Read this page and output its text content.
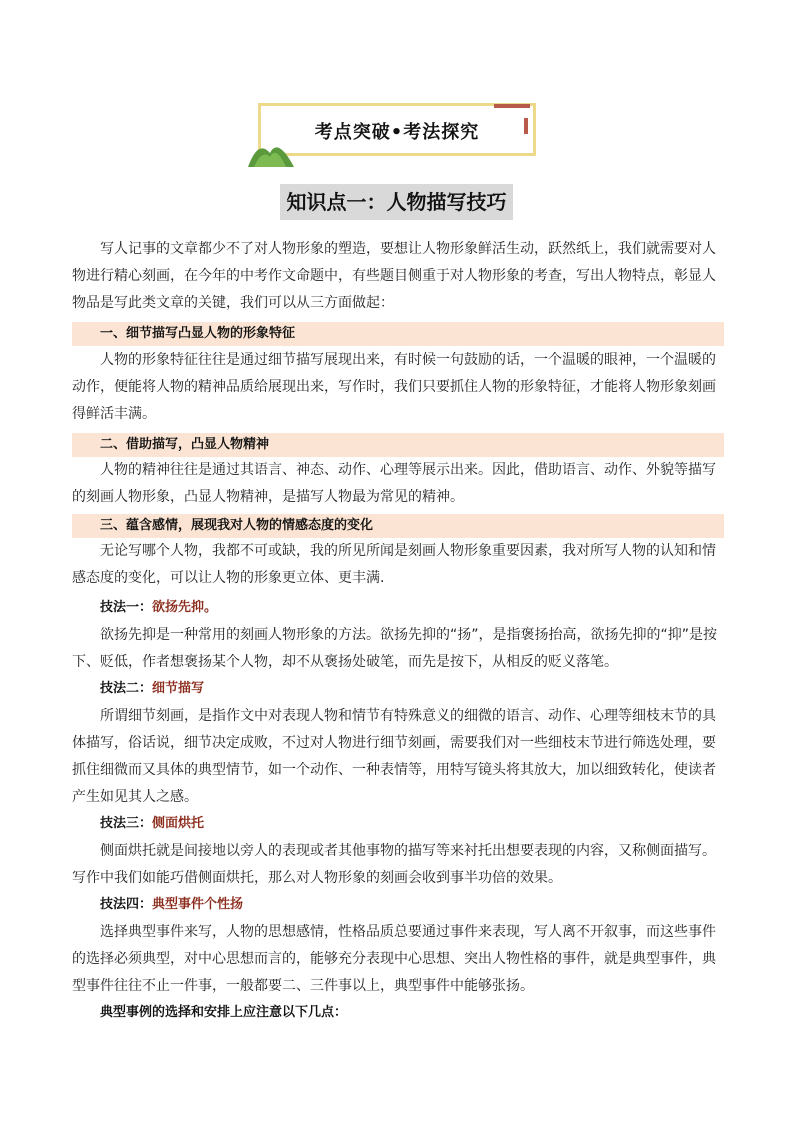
考点突破•考法探究
知识点一：人物描写技巧

写人记事的文章都少不了对人物形象的塑造，要想让人物形象鲜活生动，跃然纸上，我们就需要对人物进行精心刻画，在今年的中考作文命题中，有些题目侧重于对人物形象的考查，写出人物特点，彰显人物品是写此类文章的关键，我们可以从三方面做起：

一、细节描写凸显人物的形象特征

人物的形象特征往往是通过细节描写展现出来，有时候一句鼓励的话，一个温暖的眼神，一个温暖的动作，便能将人物的精神品质给展现出来，写作时，我们只要抓住人物的形象特征，才能将人物形象刻画得鲜活丰满。

二、借助描写，凸显人物精神

人物的精神往往是通过其语言、神态、动作、心理等展示出来。因此，借助语言、动作、外貌等描写的刻画人物形象，凸显人物精神，是描写人物最为常见的精神。

三、蕴含感情，展现我对人物的情感态度的变化

无论写哪个人物，我都不可或缺，我的所见所闻是刻画人物形象重要因素，我对所写人物的认知和情感态度的变化，可以让人物的形象更立体、更丰满.

技法一：欲扬先抑。

欲扬先抑是一种常用的刻画人物形象的方法。欲扬先抑的“扬”，是指褒扬抬高，欲扬先抑的“抑”是按下、贬低，作者想褒扬某个人物，却不从褒扬处破笔，而先是按下，从相反的贬义落笔。

技法二：细节描写

所谓细节刻画，是指作文中对表现人物和情节有特殊意义的细微的语言、动作、心理等细枝末节的具体描写，俗话说，细节决定成败，不过对人物进行细节刻画，需要我们对一些细枝末节进行筛选处理，要抓住细微而又具体的典型情节，如一个动作、一种表情等，用特写镜头将其放大，加以细致转化，使读者产生如见其人之感。

技法三：侧面烘托

侧面烘托就是间接地以旁人的表现或者其他事物的描写等来衬托出想要表现的内容，又称侧面描写。写作中我们如能巧借侧面烘托，那么对人物形象的刻画会收到事半功倍的效果。

技法四：典型事件个性扬

选择典型事件来写，人物的思想感情，性格品质总要通过事件来表现，写人离不开叙事，而这些事件的选择必须典型，对中心思想而言的，能够充分表现中心思想、突出人物性格的事件，就是典型事件，典型事件往往不止一件事，一般都要二、三件事以上，典型事件中能够张扬。

典型事例的选择和安排上应注意以下几点：
